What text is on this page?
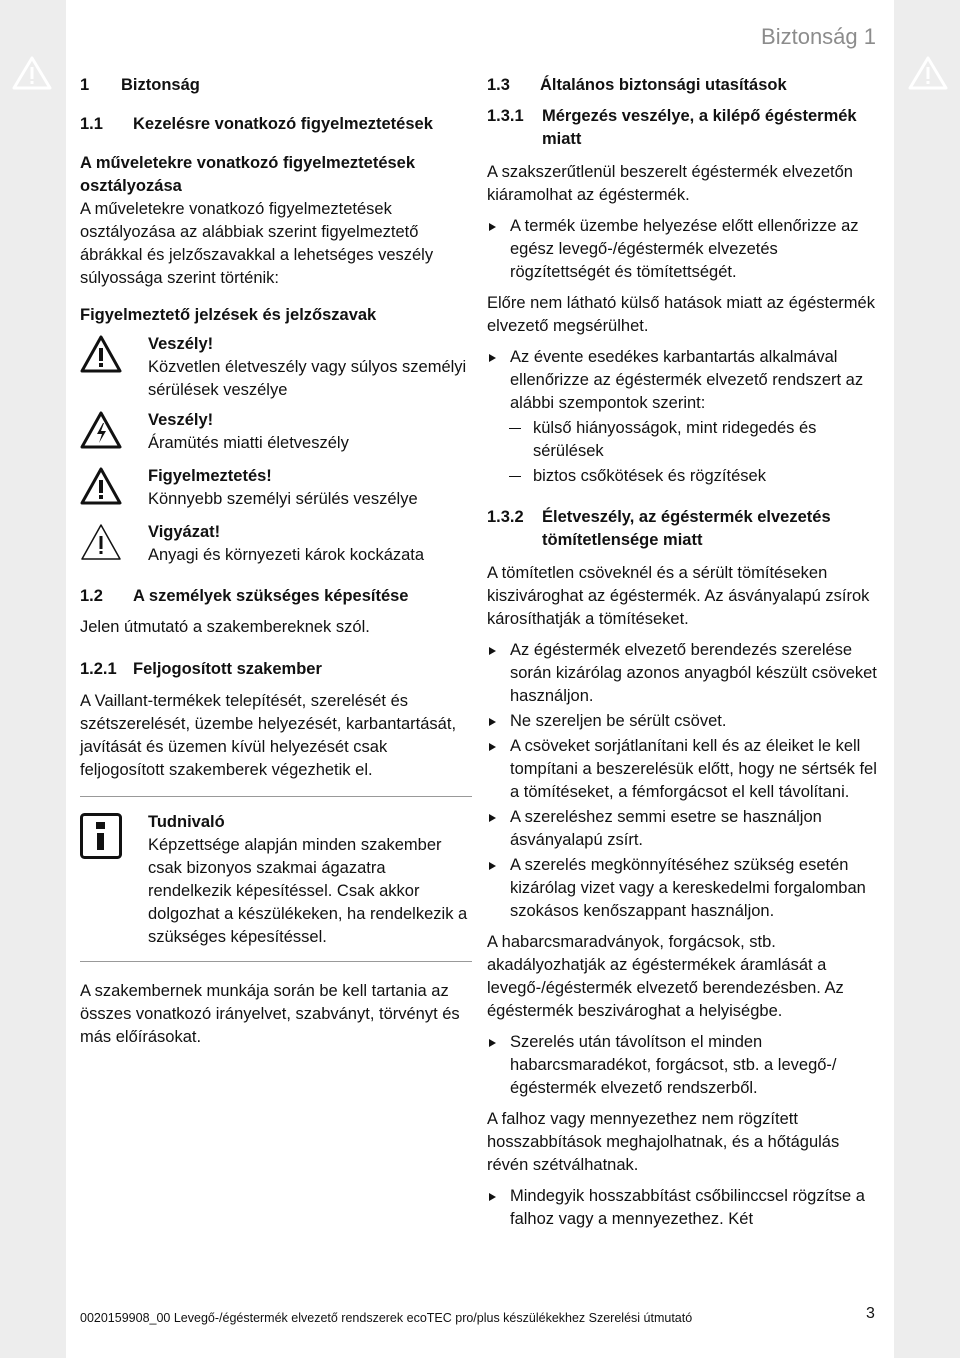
Biztonság 1
1	Biztonság
1.1	Kezelésre vonatkozó figyelmeztetések

A műveletekre vonatkozó figyelmeztetések osztályozása

A műveletekre vonatkozó figyelmeztetések osztályozása az alábbiak szerint figyelmeztető ábrákkal és jelzőszavakkal a lehetséges veszély súlyossága szerint történik:

Figyelmeztető jelzések és jelzőszavak

Veszély!

Közvetlen életveszély vagy súlyos személyi sérülések veszélye

Veszély!

Áramütés miatti életveszély

Figyelmeztetés!

Könnyebb személyi sérülés veszélye

Vigyázat!

Anyagi és környezeti károk kockázata

1.2	A személyek szükséges képesítése

Jelen útmutató a szakembereknek szól.

1.2.1 Feljogosított szakember

A Vaillant-termékek telepítését, szerelését és szétszerelését, üzembe helyezését, karbantartását, javítását és üzemen kívül helyezését csak feljogosított szakemberek végezhetik el.

Tudnivaló

Képzettsége alapján minden szakember csak bizonyos szakmai ágazatra rendelkezik képesítéssel. Csak akkor dolgozhat a készülékeken, ha rendelkezik a szükséges képesítéssel.

A szakembernek munkája során be kell tartania az összes vonatkozó irányelvet, szabványt, törvényt és más előírásokat.

1.3	Általános biztonsági utasítások
1.3.1	Mérgezés veszélye, a kilépő égéstermék miatt

A szakszerűtlenül beszerelt égéstermék elvezetőn kiáramolhat az égéstermék.

A termék üzembe helyezése előtt ellenőrizze az egész levegő-/égéstermék elvezetés rögzítettségét és tömítettségét.

Előre nem látható külső hatások miatt az égéstermék elvezető megsérülhet.

Az évente esedékes karbantartás alkalmával ellenőrizze az égéstermék elvezető rendszert az alábbi szempontok szerint:

külső hiányosságok, mint ridegedés és sérülések

biztos csőkötések és rögzítések

1.3.2	Életveszély, az égéstermék elvezetés tömítetlensége miatt

A tömítetlen csöveknél és a sérült tömítéseken kiszivároghat az égéstermék. Az ásványalapú zsírok károsíthatják a tömítéseket.

Az égéstermék elvezető berendezés szerelése során kizárólag azonos anyagból készült csöveket használjon.

Ne szereljen be sérült csövet.

A csöveket sorjátlanítani kell és az éleiket le kell tompítani a beszerelésük előtt, hogy ne sértsék fel a tömítéseket, a fémforgácsot el kell távolítani.

A szereléshez semmi esetre se használjon ásványalapú zsírt.

A szerelés megkönnyítéséhez szükség esetén kizárólag vizet vagy a kereskedelmi forgalomban szokásos kenőszappant használjon.

A habarcsmaradványok, forgácsok, stb. akadályozhatják az égéstermékek áramlását a levegő-/égéstermék elvezető berendezésben. Az égéstermék beszivároghat a helyiségbe.

Szerelés után távolítson el minden habarcsmaradékot, forgácsot, stb. a levegő-/égéstermék elvezető rendszerből.

A falhoz vagy mennyezethez nem rögzített hosszabbítások meghajolhatnak, és a hőtágulás révén szétválhatnak.

Mindegyik hosszabbítást csőbilinccsel rögzítse a falhoz vagy a mennyezethez. Két

0020159908_00 Levegő-/égéstermék elvezető rendszerek ecoTEC pro/plus készülékekhez Szerelési útmutató	3
